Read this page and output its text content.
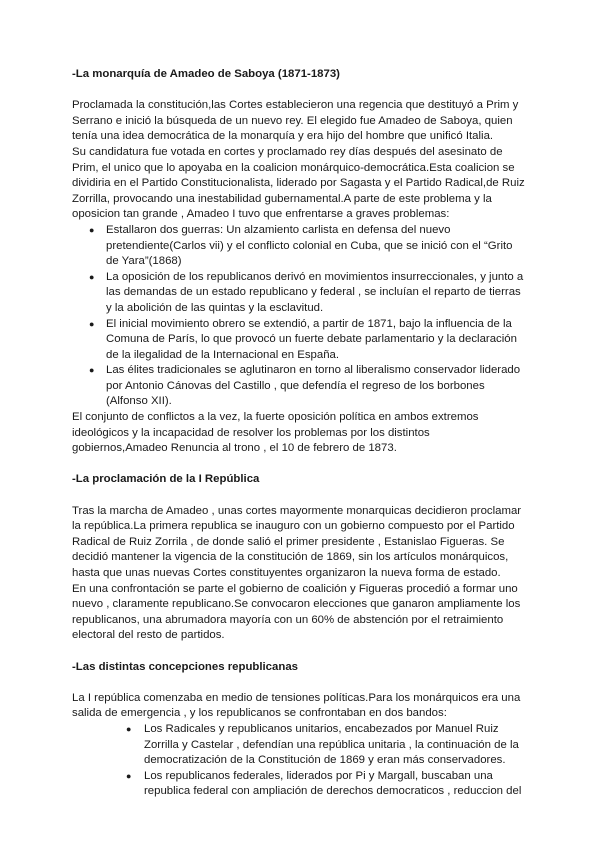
-La monarquía de Amadeo de Saboya (1871-1873)

Proclamada la constitución,las Cortes establecieron una regencia que destituyó a Prim y Serrano e inició la búsqueda de un nuevo rey. El elegido fue Amadeo de Saboya, quien tenía una idea democrática de la monarquía y era hijo del hombre que unificó Italia.

Su candidatura fue votada en cortes y proclamado rey días después del asesinato de Prim, el unico que lo apoyaba en la coalicion monárquico-democrática.Esta coalicion se dividiria en el Partido Constitucionalista, liderado por Sagasta y el Partido Radical,de Ruiz Zorrilla, provocando una inestabilidad gubernamental.A parte de este problema y la oposicion tan grande , Amadeo I tuvo que enfrentarse a graves problemas:

● Estallaron dos guerras: Un alzamiento carlista en defensa del nuevo pretendiente(Carlos vii) y el conflicto colonial en Cuba, que se inició con el “Grito de Yara”(1868)
● La oposición de los republicanos derivó en movimientos insurreccionales, y junto a las demandas de un estado republicano y federal , se incluían el reparto de tierras y la abolición de las quintas y la esclavitud.
● El inicial movimiento obrero se extendió, a partir de 1871, bajo la influencia de la Comuna de París, lo que provocó un fuerte debate parlamentario y la declaración de la ilegalidad de la Internacional en España.
● Las élites tradicionales se aglutinaron en torno al liberalismo conservador liderado por Antonio Cánovas del Castillo , que defendía el regreso de los borbones (Alfonso XII).

El conjunto de conflictos a la vez, la fuerte oposición política en ambos extremos ideológicos y la incapacidad de resolver los problemas por los distintos gobiernos,Amadeo Renuncia al trono , el 10 de febrero de 1873.

-La proclamación de la I República

Tras la marcha de Amadeo , unas cortes mayormente monarquicas decidieron proclamar la república.La primera republica se inauguro con un gobierno compuesto por el Partido Radical de Ruiz Zorrila , de donde salió el primer presidente , Estanislao Figueras. Se decidió mantener la vigencia de la constitución de 1869, sin los artículos monárquicos, hasta que unas nuevas Cortes constituyentes organizaron la nueva forma de estado.

En una confrontación se parte el gobierno de coalición y Figueras procedió a formar uno nuevo , claramente republicano.Se convocaron elecciones que ganaron ampliamente los republicanos, una abrumadora mayoría con un 60% de abstención por el retraimiento electoral del resto de partidos.

-Las distintas concepciones republicanas

La I república comenzaba en medio de tensiones políticas.Para los monárquicos era una salida de emergencia , y los republicanos se confrontaban en dos bandos:

● Los Radicales y republicanos unitarios, encabezados por Manuel Ruiz Zorrilla y Castelar , defendían una república unitaria , la continuación de la democratización de la Constitución de 1869 y eran más conservadores.
● Los republicanos federales, liderados por Pi y Margall, buscaban una republica federal con ampliación de derechos democraticos , reduccion del
